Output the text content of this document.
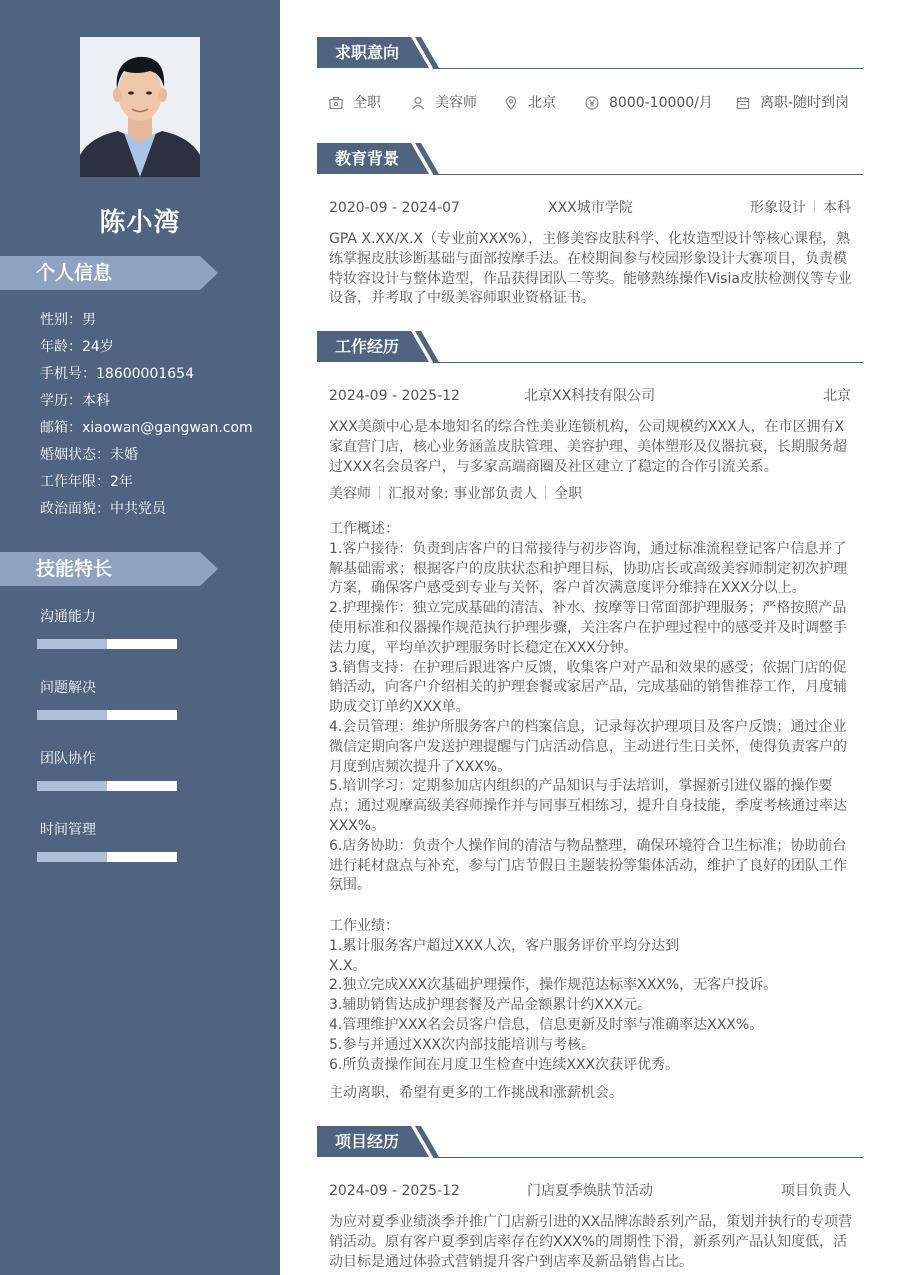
陈小湾
个人信息
性别：男
年龄：24岁
手机号：18600001654
学历：本科
邮箱：xiaowan@gangwan.com
婚姻状态：未婚
工作年限：2年
政治面貌：中共党员
技能特长
沟通能力
问题解决
团队协作
时间管理
求职意向
全职	美容师	北京	8000-10000/月	离职-随时到岗
教育背景
2020-09 - 2024-07	XXX城市学院	形象设计 本科
GPA X.XX/X.X（专业前XXX%），主修美容皮肤科学、化妆造型设计等核心课程，熟练掌握皮肤诊断基础与面部按摩手法。在校期间参与校园形象设计大赛项目，负责模特妆容设计与整体造型，作品获得团队二等奖。能够熟练操作Visia皮肤检测仪等专业设备，并考取了中级美容师职业资格证书。
工作经历
2024-09 - 2025-12	北京XX科技有限公司	北京
XXX美颜中心是本地知名的综合性美业连锁机构，公司规模约XXX人，在市区拥有X家直营门店，核心业务涵盖皮肤管理、美容护理、美体塑形及仪器抗衰，长期服务超过XXX名会员客户，与多家高端商圈及社区建立了稳定的合作引流关系。
美容师 汇报对象: 事业部负责人 全职

工作概述：

1.客户接待：负责到店客户的日常接待与初步咨询，通过标准流程登记客户信息并了解基础需求；根据客户的皮肤状态和护理目标，协助店长或高级美容师制定初次护理方案，确保客户感受到专业与关怀，客户首次满意度评分维持在XXX分以上。

2.护理操作：独立完成基础的清洁、补水、按摩等日常面部护理服务；严格按照产品使用标准和仪器操作规范执行护理步骤，关注客户在护理过程中的感受并及时调整手法力度，平均单次护理服务时长稳定在XXX分钟。

3.销售支持：在护理后跟进客户反馈，收集客户对产品和效果的感受；依据门店的促销活动，向客户介绍相关的护理套餐或家居产品，完成基础的销售推荐工作，月度辅助成交订单约XXX单。

4.会员管理：维护所服务客户的档案信息，记录每次护理项目及客户反馈；通过企业微信定期向客户发送护理提醒与门店活动信息，主动进行生日关怀，使得负责客户的月度到店频次提升了XXX%。

5.培训学习：定期参加店内组织的产品知识与手法培训，掌握新引进仪器的操作要点；通过观摩高级美容师操作并与同事互相练习，提升自身技能，季度考核通过率达XXX%。

6.店务协助：负责个人操作间的清洁与物品整理，确保环境符合卫生标准；协助前台进行耗材盘点与补充，参与门店节假日主题装扮等集体活动，维护了良好的团队工作氛围。

工作业绩：

1.累计服务客户超过XXX人次，客户服务评价平均分达到

X.X。

2.独立完成XXX次基础护理操作，操作规范达标率XXX%，无客户投诉。

3.辅助销售达成护理套餐及产品金额累计约XXX元。

4.管理维护XXX名会员客户信息，信息更新及时率与准确率达XXX%。

5.参与并通过XXX次内部技能培训与考核。

6.所负责操作间在月度卫生检查中连续XXX次获评优秀。

主动离职，希望有更多的工作挑战和涨薪机会。
项目经历
2024-09 - 2025-12	门店夏季焕肤节活动	项目负责人
为应对夏季业绩淡季并推广门店新引进的XX品牌冻龄系列产品，策划并执行的专项营销活动。原有客户夏季到店率存在约XXX%的周期性下滑，新系列产品认知度低，活动目标是通过体验式营销提升客户到店率及新品销售占比。
